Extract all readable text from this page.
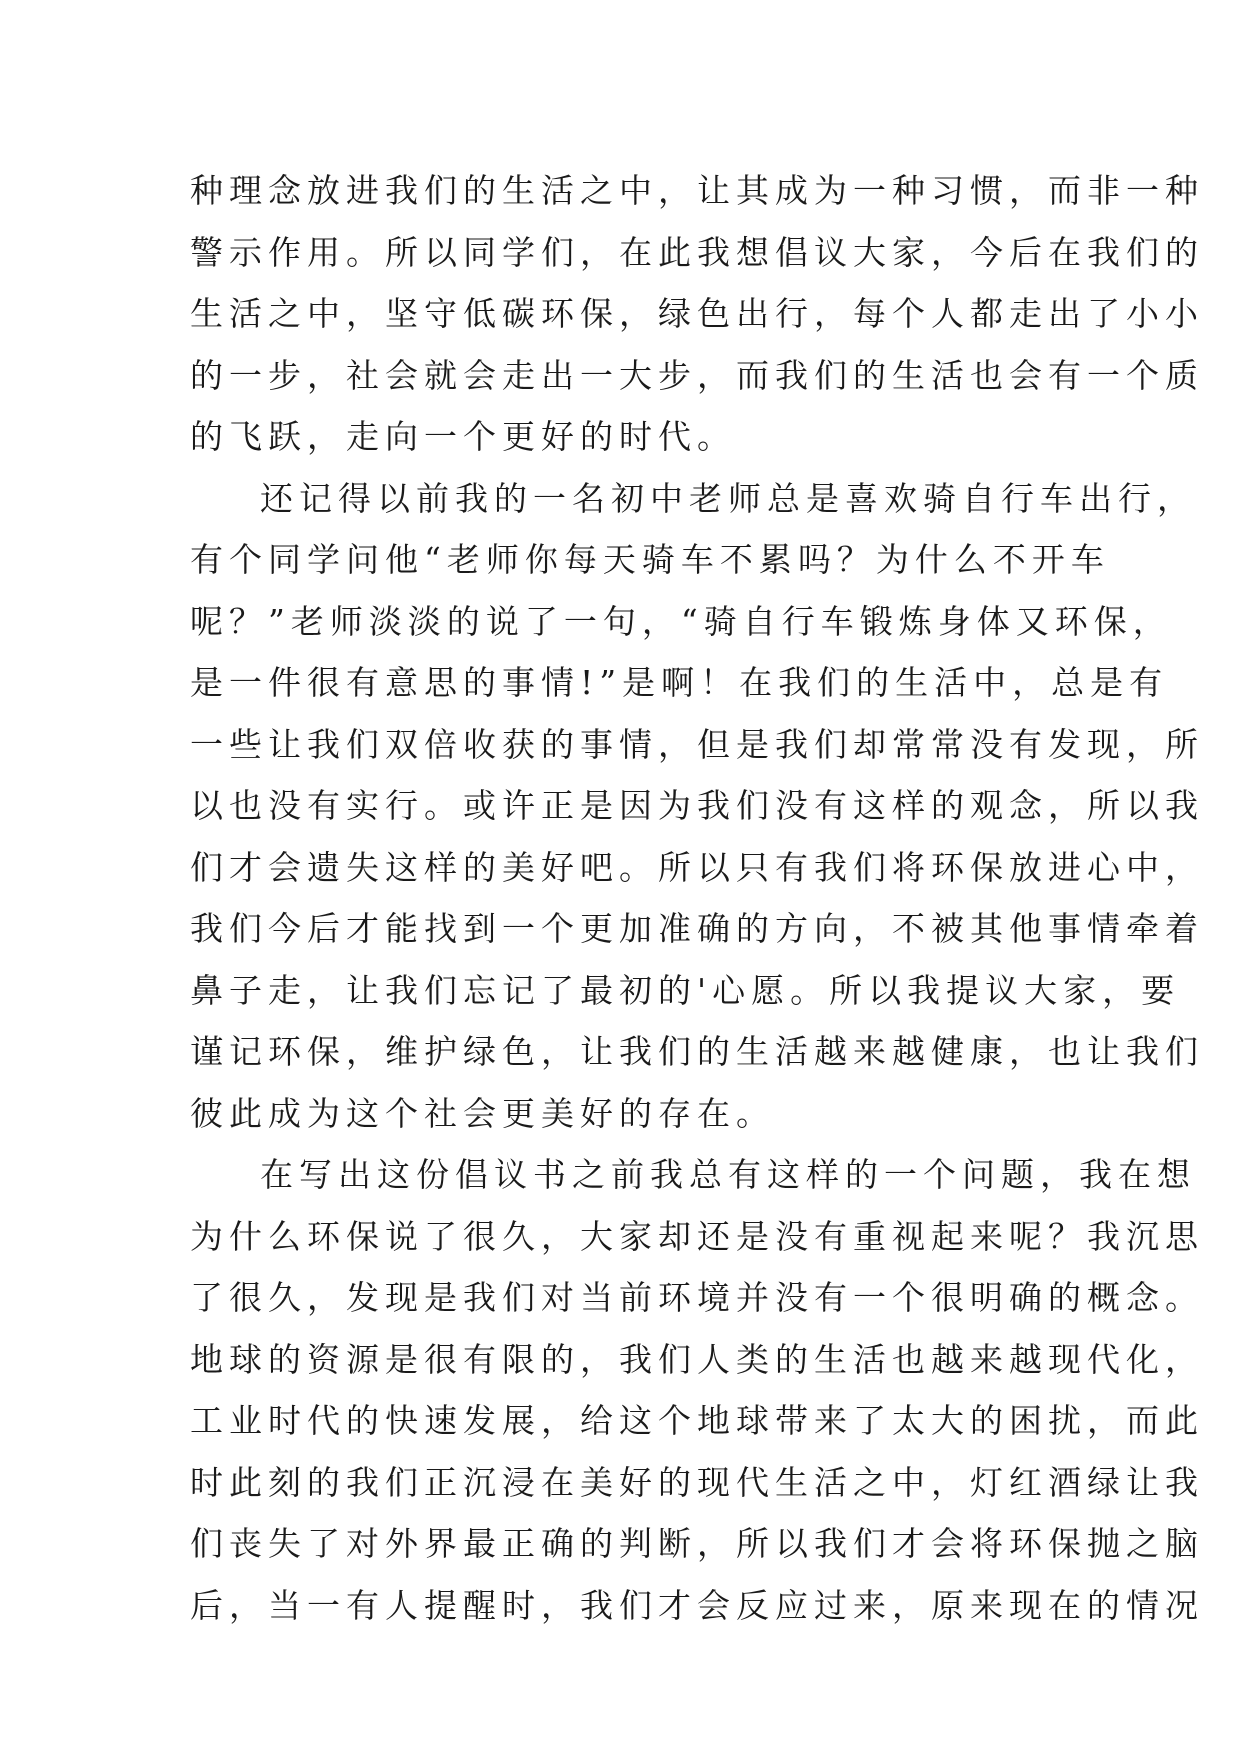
种理念放进我们的生活之中，让其成为一种习惯，而非一种
警示作用。所以同学们，在此我想倡议大家，今后在我们的
生活之中，坚守低碳环保，绿色出行，每个人都走出了小小
的一步，社会就会走出一大步，而我们的生活也会有一个质
的飞跃，走向一个更好的时代。
还记得以前我的一名初中老师总是喜欢骑自行车出行，
有个同学问他“老师你每天骑车不累吗？为什么不开车
呢？”老师淡淡的说了一句，“骑自行车锻炼身体又环保，
是一件很有意思的事情!”是啊！在我们的生活中，总是有
一些让我们双倍收获的事情，但是我们却常常没有发现，所
以也没有实行。或许正是因为我们没有这样的观念，所以我
们才会遗失这样的美好吧。所以只有我们将环保放进心中，
我们今后才能找到一个更加准确的方向，不被其他事情牵着
鼻子走，让我们忘记了最初的'心愿。所以我提议大家，要
谨记环保，维护绿色，让我们的生活越来越健康，也让我们
彼此成为这个社会更美好的存在。
在写出这份倡议书之前我总有这样的一个问题，我在想
为什么环保说了很久，大家却还是没有重视起来呢？我沉思
了很久，发现是我们对当前环境并没有一个很明确的概念。
地球的资源是很有限的，我们人类的生活也越来越现代化，
工业时代的快速发展，给这个地球带来了太大的困扰，而此
时此刻的我们正沉浸在美好的现代生活之中，灯红酒绿让我
们丧失了对外界最正确的判断，所以我们才会将环保抛之脑
后，当一有人提醒时，我们才会反应过来，原来现在的情况
